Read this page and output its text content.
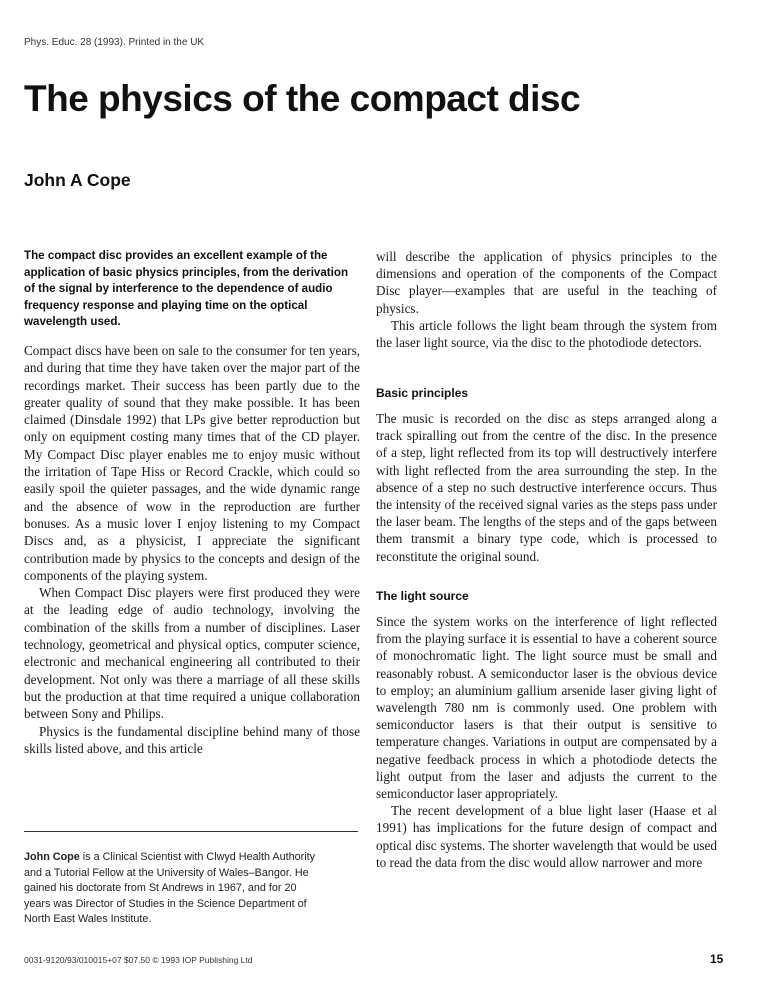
Phys. Educ. 28 (1993). Printed in the UK
The physics of the compact disc
John A Cope

The compact disc provides an excellent example of the application of basic physics principles, from the derivation of the signal by interference to the dependence of audio frequency response and playing time on the optical wavelength used.

Compact discs have been on sale to the consumer for ten years, and during that time they have taken over the major part of the recordings market. Their success has been partly due to the greater quality of sound that they make possible. It has been claimed (Dinsdale 1992) that LPs give better reproduction but only on equipment costing many times that of the CD player. My Compact Disc player enables me to enjoy music without the irritation of Tape Hiss or Record Crackle, which could so easily spoil the quieter passages, and the wide dynamic range and the absence of wow in the reproduction are further bonuses. As a music lover I enjoy listening to my Compact Discs and, as a physicist, I appreciate the significant contribution made by physics to the concepts and design of the components of the playing system.

When Compact Disc players were first produced they were at the leading edge of audio technology, involving the combination of the skills from a number of disciplines. Laser technology, geometrical and physical optics, computer science, electronic and mechanical engineering all contributed to their development. Not only was there a marriage of all these skills but the production at that time required a unique collaboration between Sony and Philips.

Physics is the fundamental discipline behind many of those skills listed above, and this article

John Cope is a Clinical Scientist with Clwyd Health Authority and a Tutorial Fellow at the University of Wales–Bangor. He gained his doctorate from St Andrews in 1967, and for 20 years was Director of Studies in the Science Department of North East Wales Institute.

will describe the application of physics principles to the dimensions and operation of the components of the Compact Disc player—examples that are useful in the teaching of physics.

This article follows the light beam through the system from the laser light source, via the disc to the photodiode detectors.

Basic principles

The music is recorded on the disc as steps arranged along a track spiralling out from the centre of the disc. In the presence of a step, light reflected from its top will destructively interfere with light reflected from the area surrounding the step. In the absence of a step no such destructive interference occurs. Thus the intensity of the received signal varies as the steps pass under the laser beam. The lengths of the steps and of the gaps between them transmit a binary type code, which is processed to reconstitute the original sound.

The light source

Since the system works on the interference of light reflected from the playing surface it is essential to have a coherent source of monochromatic light. The light source must be small and reasonably robust. A semiconductor laser is the obvious device to employ; an aluminium gallium arsenide laser giving light of wavelength 780 nm is commonly used. One problem with semiconductor lasers is that their output is sensitive to temperature changes. Variations in output are compensated by a negative feedback process in which a photodiode detects the light output from the laser and adjusts the current to the semiconductor laser appropriately.

The recent development of a blue light laser (Haase et al 1991) has implications for the future design of compact and optical disc systems. The shorter wavelength that would be used to read the data from the disc would allow narrower and more

0031-9120/93/010015+07 $07.50 © 1993 IOP Publishing Ltd	15
